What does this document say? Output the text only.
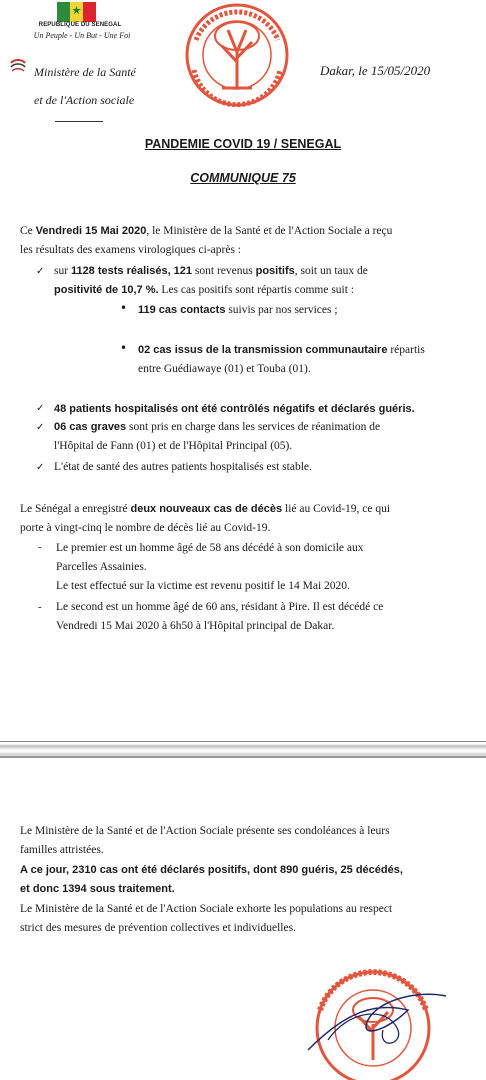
★
REPUBLIQUE DU SENEGAL
Un Peuple - Un But - Une Foi
Ministère de la Santé
et de l'Action sociale
Dakar, le 15/05/2020
PANDEMIE COVID 19 / SENEGAL
COMMUNIQUE 75
Ce Vendredi 15 Mai 2020, le Ministère de la Santé et de l'Action Sociale a reçu
les résultats des examens virologiques ci-après :
✓ sur 1128 tests réalisés, 121 sont revenus positifs, soit un taux de
positivité de 10,7 %. Les cas positifs sont répartis comme suit :
• 119 cas contacts suivis par nos services ;
• 02 cas issus de la transmission communautaire répartis
entre Guédiawaye (01) et Touba (01).
✓ 48 patients hospitalisés ont été contrôlés négatifs et déclarés guéris.
✓ 06 cas graves sont pris en charge dans les services de réanimation de
l'Hôpital de Fann (01) et de l'Hôpital Principal (05).
✓ L'état de santé des autres patients hospitalisés est stable.
Le Sénégal a enregistré deux nouveaux cas de décès lié au Covid-19, ce qui
porte à vingt-cinq le nombre de décès lié au Covid-19.
- Le premier est un homme âgé de 58 ans décédé à son domicile aux
Parcelles Assainies.
Le test effectué sur la victime est revenu positif le 14 Mai 2020.
- Le second est un homme âgé de 60 ans, résidant à Pire. Il est décédé ce
Vendredi 15 Mai 2020 à 6h50 à l'Hôpital principal de Dakar.
Le Ministère de la Santé et de l'Action Sociale présente ses condoléances à leurs
familles attristées.
A ce jour, 2310 cas ont été déclarés positifs, dont 890 guéris, 25 décédés,
et donc 1394 sous traitement.
Le Ministère de la Santé et de l'Action Sociale exhorte les populations au respect
strict des mesures de prévention collectives et individuelles.
